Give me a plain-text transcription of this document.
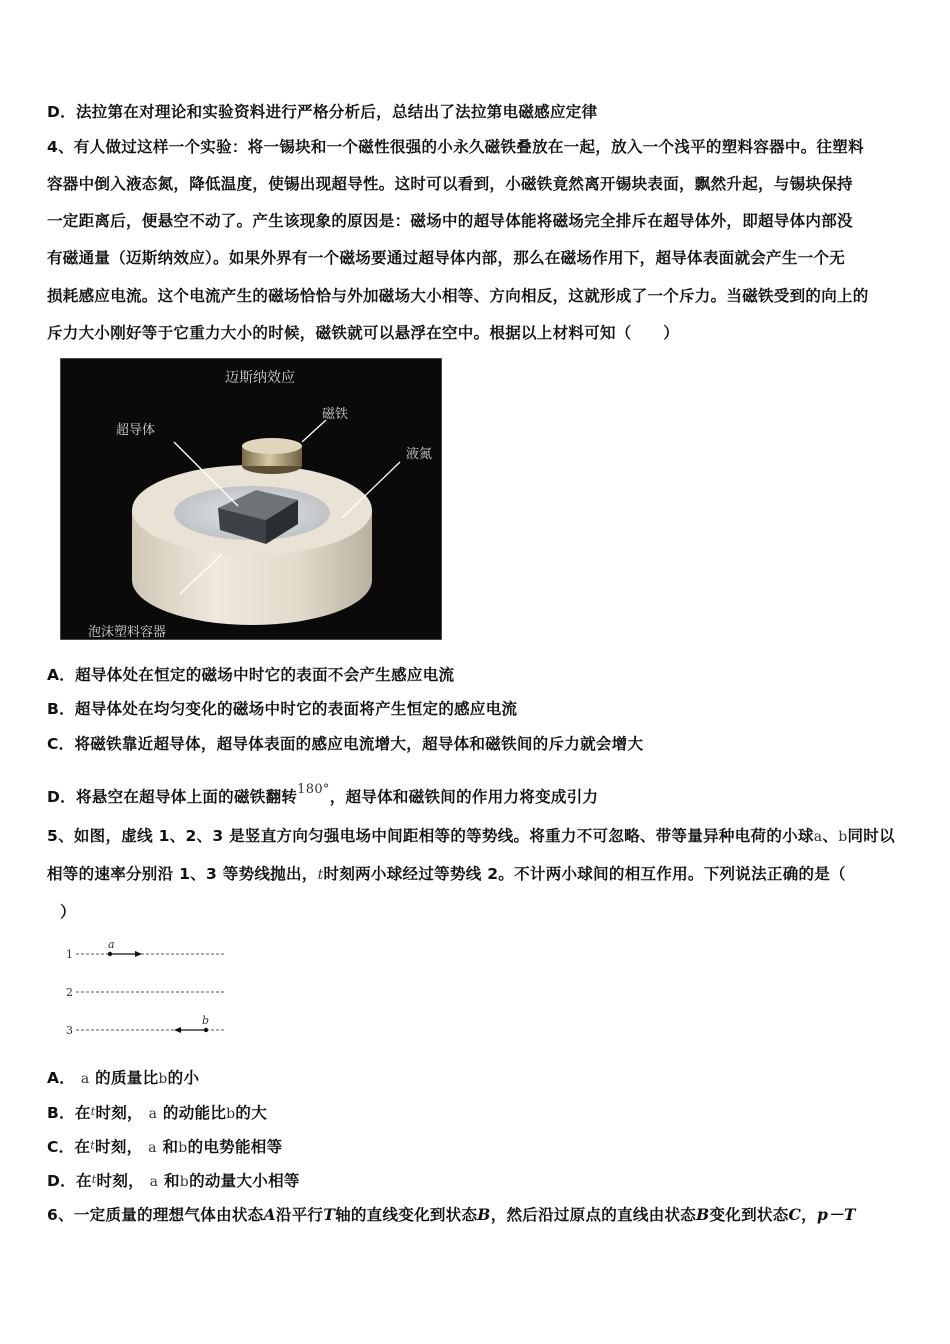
D．法拉第在对理论和实验资料进行严格分析后，总结出了法拉第电磁感应定律
4、有人做过这样一个实验：将一锡块和一个磁性很强的小永久磁铁叠放在一起，放入一个浅平的塑料容器中。往塑料
容器中倒入液态氮，降低温度，使锡出现超导性。这时可以看到，小磁铁竟然离开锡块表面，飘然升起，与锡块保持
一定距离后，便悬空不动了。产生该现象的原因是：磁场中的超导体能将磁场完全排斥在超导体外，即超导体内部没
有磁通量（迈斯纳效应）。如果外界有一个磁场要通过超导体内部，那么在磁场作用下，超导体表面就会产生一个无
损耗感应电流。这个电流产生的磁场恰恰与外加磁场大小相等、方向相反，这就形成了一个斥力。当磁铁受到的向上的
斥力大小刚好等于它重力大小的时候，磁铁就可以悬浮在空中。根据以上材料可知（　　）
迈斯纳效应
磁铁
超导体
液氮
泡沫塑料容器
A．超导体处在恒定的磁场中时它的表面不会产生感应电流
B．超导体处在均匀变化的磁场中时它的表面将产生恒定的感应电流
C．将磁铁靠近超导体，超导体表面的感应电流增大，超导体和磁铁间的斥力就会增大
D．将悬空在超导体上面的磁铁翻转$^{180^\circ}$，超导体和磁铁间的作用力将变成引力
5、如图，虚线 1、2、3 是竖直方向匀强电场中间距相等的等势线。将重力不可忽略、带等量异种电荷的小球a、b同时以
相等的速率分别沿 1、3 等势线抛出，t时刻两小球经过等势线 2。不计两小球间的相互作用。下列说法正确的是（
）
1
2
3
a
b
A． a 的质量比b的小
B．在t时刻， a 的动能比b的大
C．在t时刻， a 和b的电势能相等
D．在t时刻， a 和b的动量大小相等
6、一定质量的理想气体由状态A沿平行T轴的直线变化到状态B，然后沿过原点的直线由状态B变化到状态C，p－T
